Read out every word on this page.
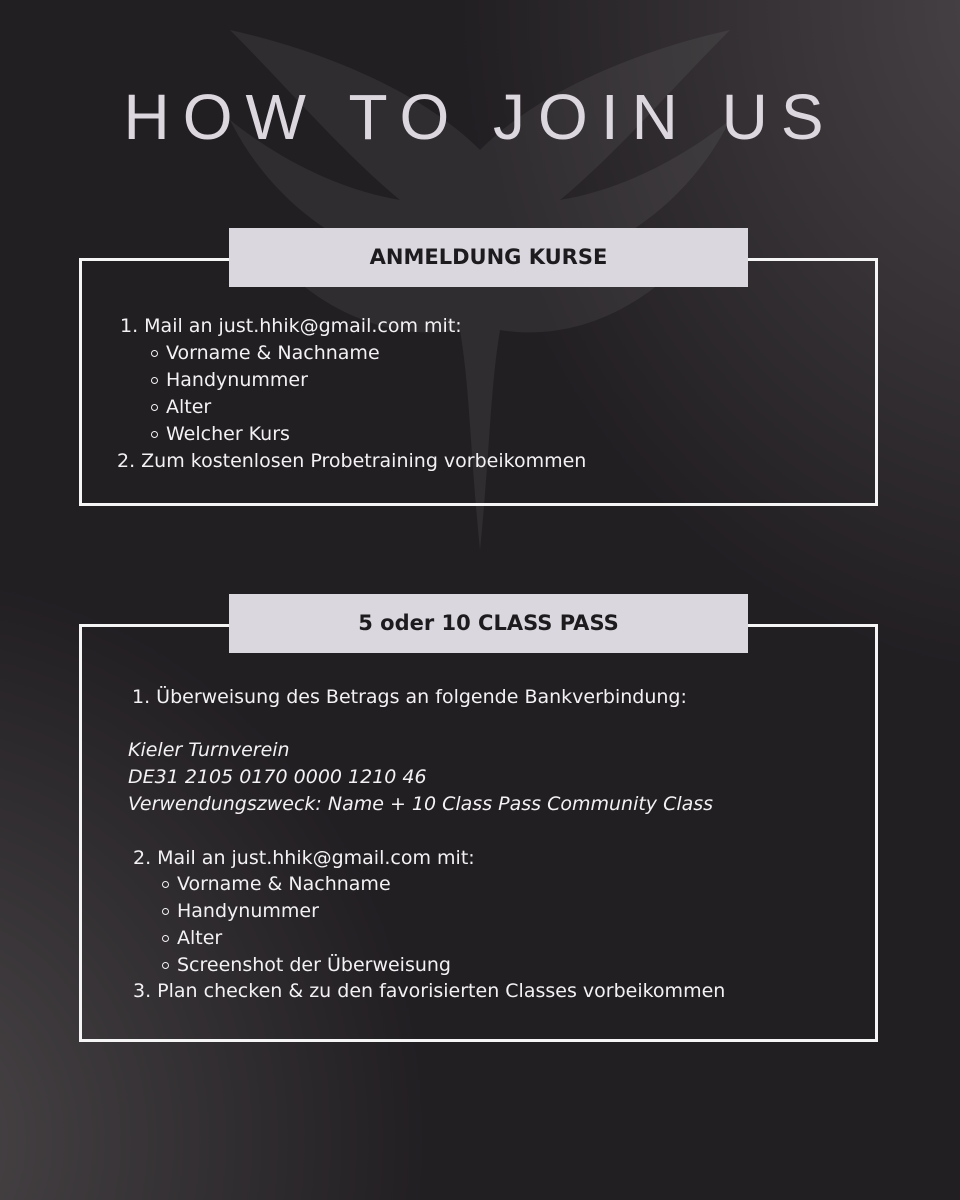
HOW TO JOIN US
ANMELDUNG KURSE
1. Mail an just.hhik@gmail.com mit:
Vorname & Nachname
Handynummer
Alter
Welcher Kurs
2. Zum kostenlosen Probetraining vorbeikommen
5 oder 10 CLASS PASS
1. Überweisung des Betrags an folgende Bankverbindung:
Kieler Turnverein
DE31 2105 0170 0000 1210 46
Verwendungszweck: Name + 10 Class Pass Community Class
2. Mail an just.hhik@gmail.com mit:
Vorname & Nachname
Handynummer
Alter
Screenshot der Überweisung
3. Plan checken & zu den favorisierten Classes vorbeikommen
